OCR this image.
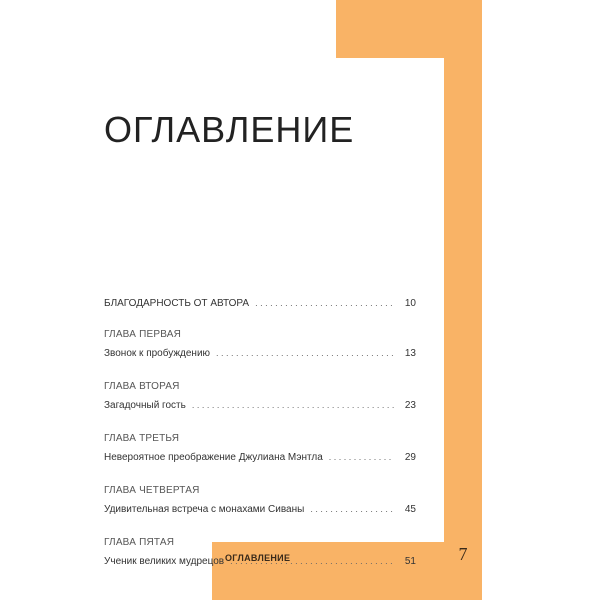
ОГЛАВЛЕНИЕ
БЛАГОДАРНОСТЬ ОТ АВТОРА . . .	10
ГЛАВА ПЕРВАЯ
Звонок к пробуждению . . .	13
ГЛАВА ВТОРАЯ
Загадочный гость . . .	23
ГЛАВА ТРЕТЬЯ
Невероятное преображение Джулиана Мэнтла . . .	29
ГЛАВА ЧЕТВЕРТАЯ
Удивительная встреча с монахами Сиваны . . .	45
ГЛАВА ПЯТАЯ
Ученик великих мудрецов . . .	51
ОГЛАВЛЕНИЕ	7
